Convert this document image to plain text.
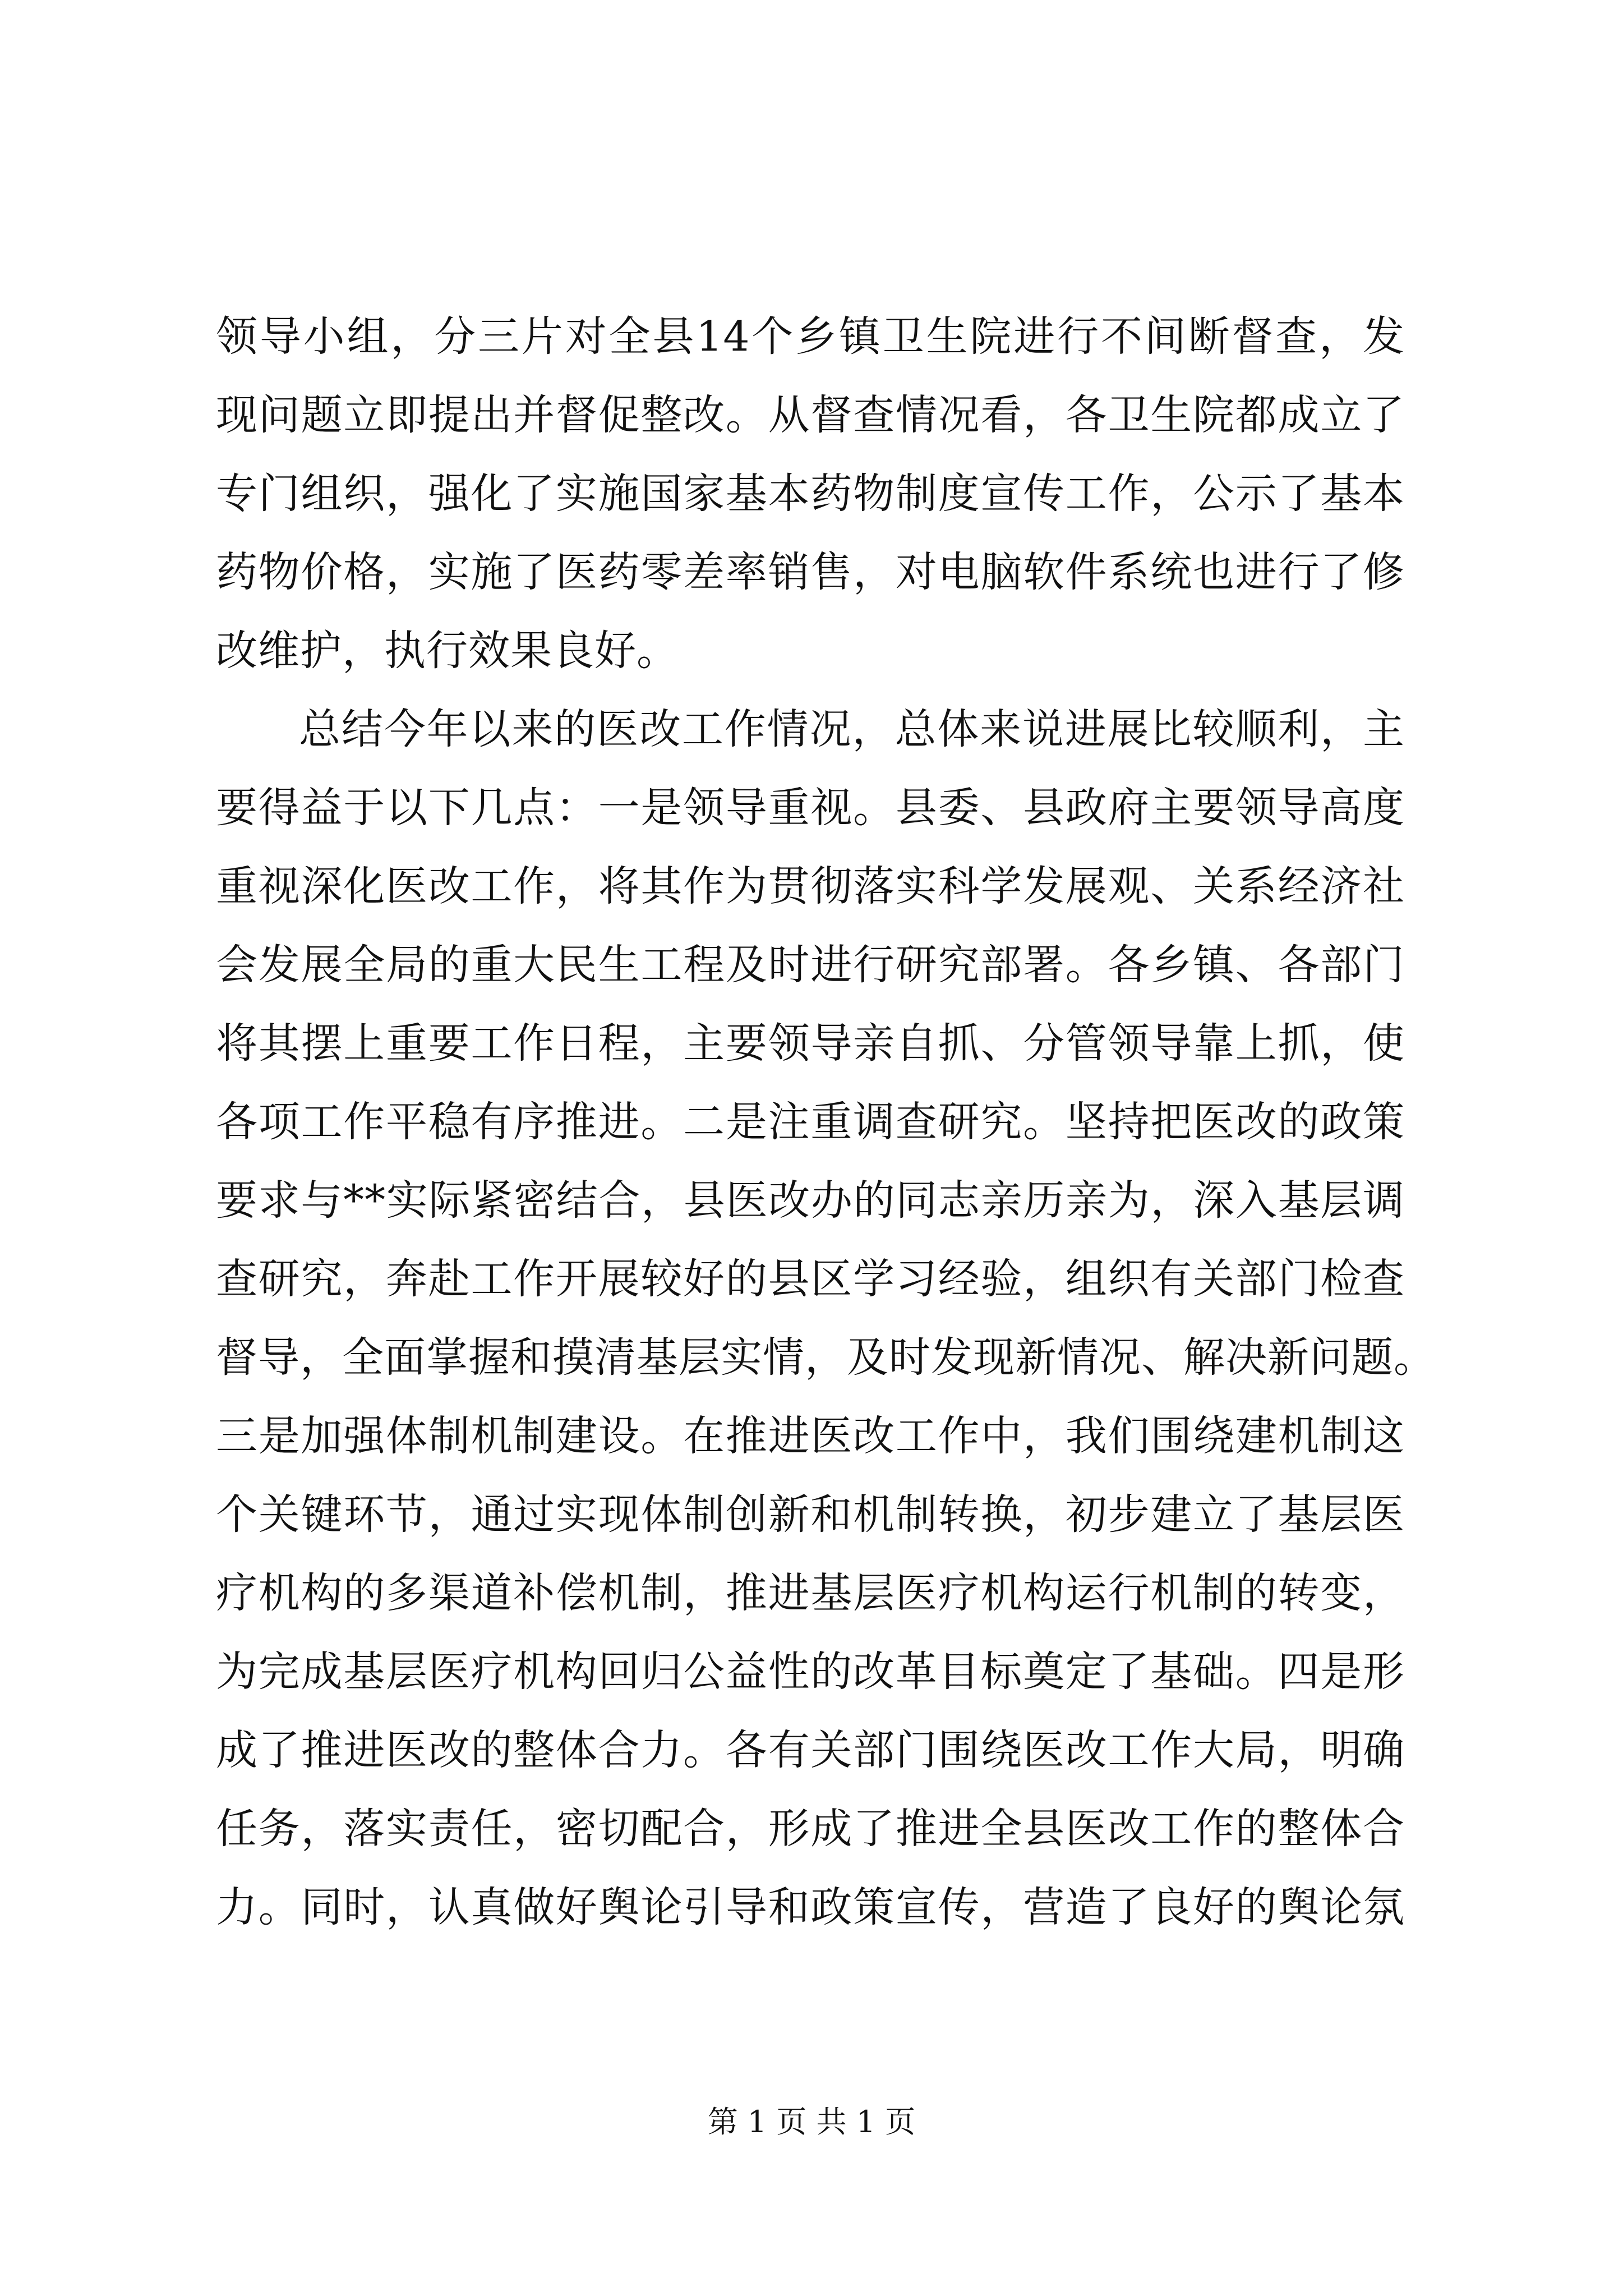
领导小组，分三片对全县14个乡镇卫生院进行不间断督查，发
现问题立即提出并督促整改。从督查情况看，各卫生院都成立了
专门组织，强化了实施国家基本药物制度宣传工作，公示了基本
药物价格，实施了医药零差率销售，对电脑软件系统也进行了修
改维护，执行效果良好。
总结今年以来的医改工作情况，总体来说进展比较顺利，主
要得益于以下几点：一是领导重视。县委、县政府主要领导高度
重视深化医改工作，将其作为贯彻落实科学发展观、关系经济社
会发展全局的重大民生工程及时进行研究部署。各乡镇、各部门
将其摆上重要工作日程，主要领导亲自抓、分管领导靠上抓，使
各项工作平稳有序推进。二是注重调查研究。坚持把医改的政策
要求与**实际紧密结合，县医改办的同志亲历亲为，深入基层调
查研究，奔赴工作开展较好的县区学习经验，组织有关部门检查
督导，全面掌握和摸清基层实情，及时发现新情况、解决新问题。
三是加强体制机制建设。在推进医改工作中，我们围绕建机制这
个关键环节，通过实现体制创新和机制转换，初步建立了基层医
疗机构的多渠道补偿机制，推进基层医疗机构运行机制的转变，
为完成基层医疗机构回归公益性的改革目标奠定了基础。四是形
成了推进医改的整体合力。各有关部门围绕医改工作大局，明确
任务，落实责任，密切配合，形成了推进全县医改工作的整体合
力。同时，认真做好舆论引导和政策宣传，营造了良好的舆论氛
第 1 页 共 1 页
